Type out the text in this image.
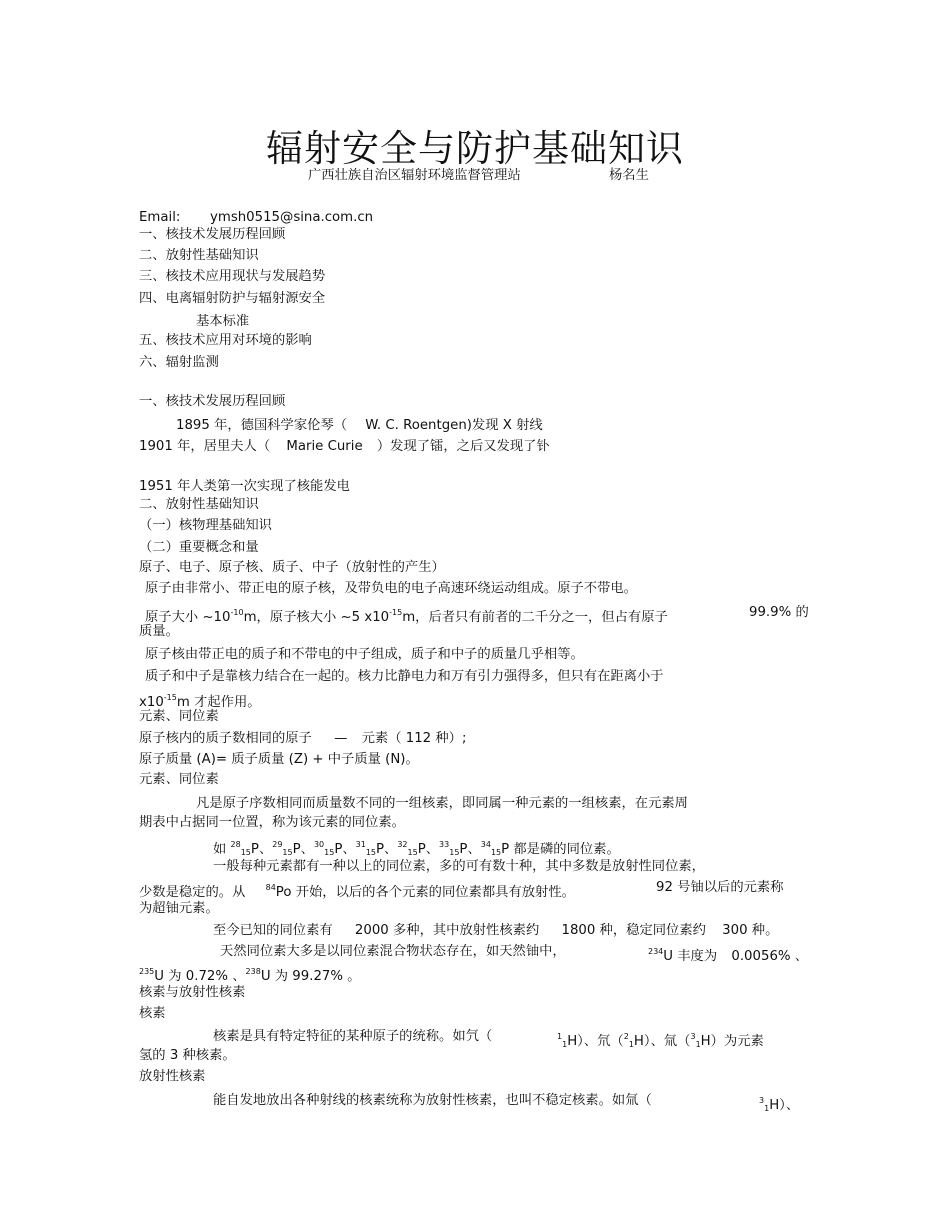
辐射安全与防护基础知识
广西壮族自治区辐射环境监督管理站	杨名生
Email: ymsh0515@sina.com.cn
一、核技术发展历程回顾
二、放射性基础知识
三、核技术应用现状与发展趋势
四、电离辐射防护与辐射源安全
基本标准
五、核技术应用对环境的影响
六、辐射监测
一、核技术发展历程回顾
1895 年，德国科学家伦琴（ W. C. Roentgen)发现 X 射线
1901 年，居里夫人（ Marie Curie ）发现了镭，之后又发现了钋
1951 年人类第一次实现了核能发电
二、放射性基础知识
（一）核物理基础知识
（二）重要概念和量
原子、电子、原子核、质子、中子（放射性的产生）
原子由非常小、带正电的原子核，及带负电的电子高速环绕运动组成。原子不带电。
原子大小 $\sim 10^{-10}m$，原子核大小 ~5 $x10^{-15}m$，后者只有前者的二千分之一，但占有原子	99.9% 的
质量。
原子核由带正电的质子和不带电的中子组成，质子和中子的质量几乎相等。
质子和中子是靠核力结合在一起的。核力比静电力和万有引力强得多，但只有在距离小于
$x10^{-15}m$ 才起作用。
元素、同位素
原子核内的质子数相同的原子 — 元素（ 112 种）;
原子质量 (A)= 质子质量 (Z) + 中子质量 (N)。
元素、同位素
凡是原子序数相同而质量数不同的一组核素，即同属一种元素的一组核素，在元素周
期表中占据同一位置，称为该元素的同位素。
如 $^{28}_{15}$P、$^{29}_{15}$P、$^{30}_{15}$P、$^{31}_{15}$P、$^{32}_{15}$P、$^{33}_{15}$P、$^{34}_{15}$P 都是磷的同位素。
一般每种元素都有一种以上的同位素，多的可有数十种，其中多数是放射性同位素，
少数是稳定的。从	$^{84}$Po 开始，以后的各个元素的同位素都具有放射性。	92 号铀以后的元素称
为超铀元素。
至今已知的同位素有 2000 多种，其中放射性核素约 1800 种，稳定同位素约 300 种。
天然同位素大多是以同位素混合物状态存在，如天然铀中，	$^{234}$U 丰度为 0.0056% 、
$^{235}$U 为 0.72% 、$^{238}$U 为 99.27% 。
核素与放射性核素
核素
核素是具有特定特征的某种原子的统称。如氕（	$^1_1$H）、氘（$^2_1$H）、氚（$^3_1$H）为元素
氢的 3 种核素。
放射性核素
能自发地放出各种射线的核素统称为放射性核素，也叫不稳定核素。如氚（	$^3_1$H）、
